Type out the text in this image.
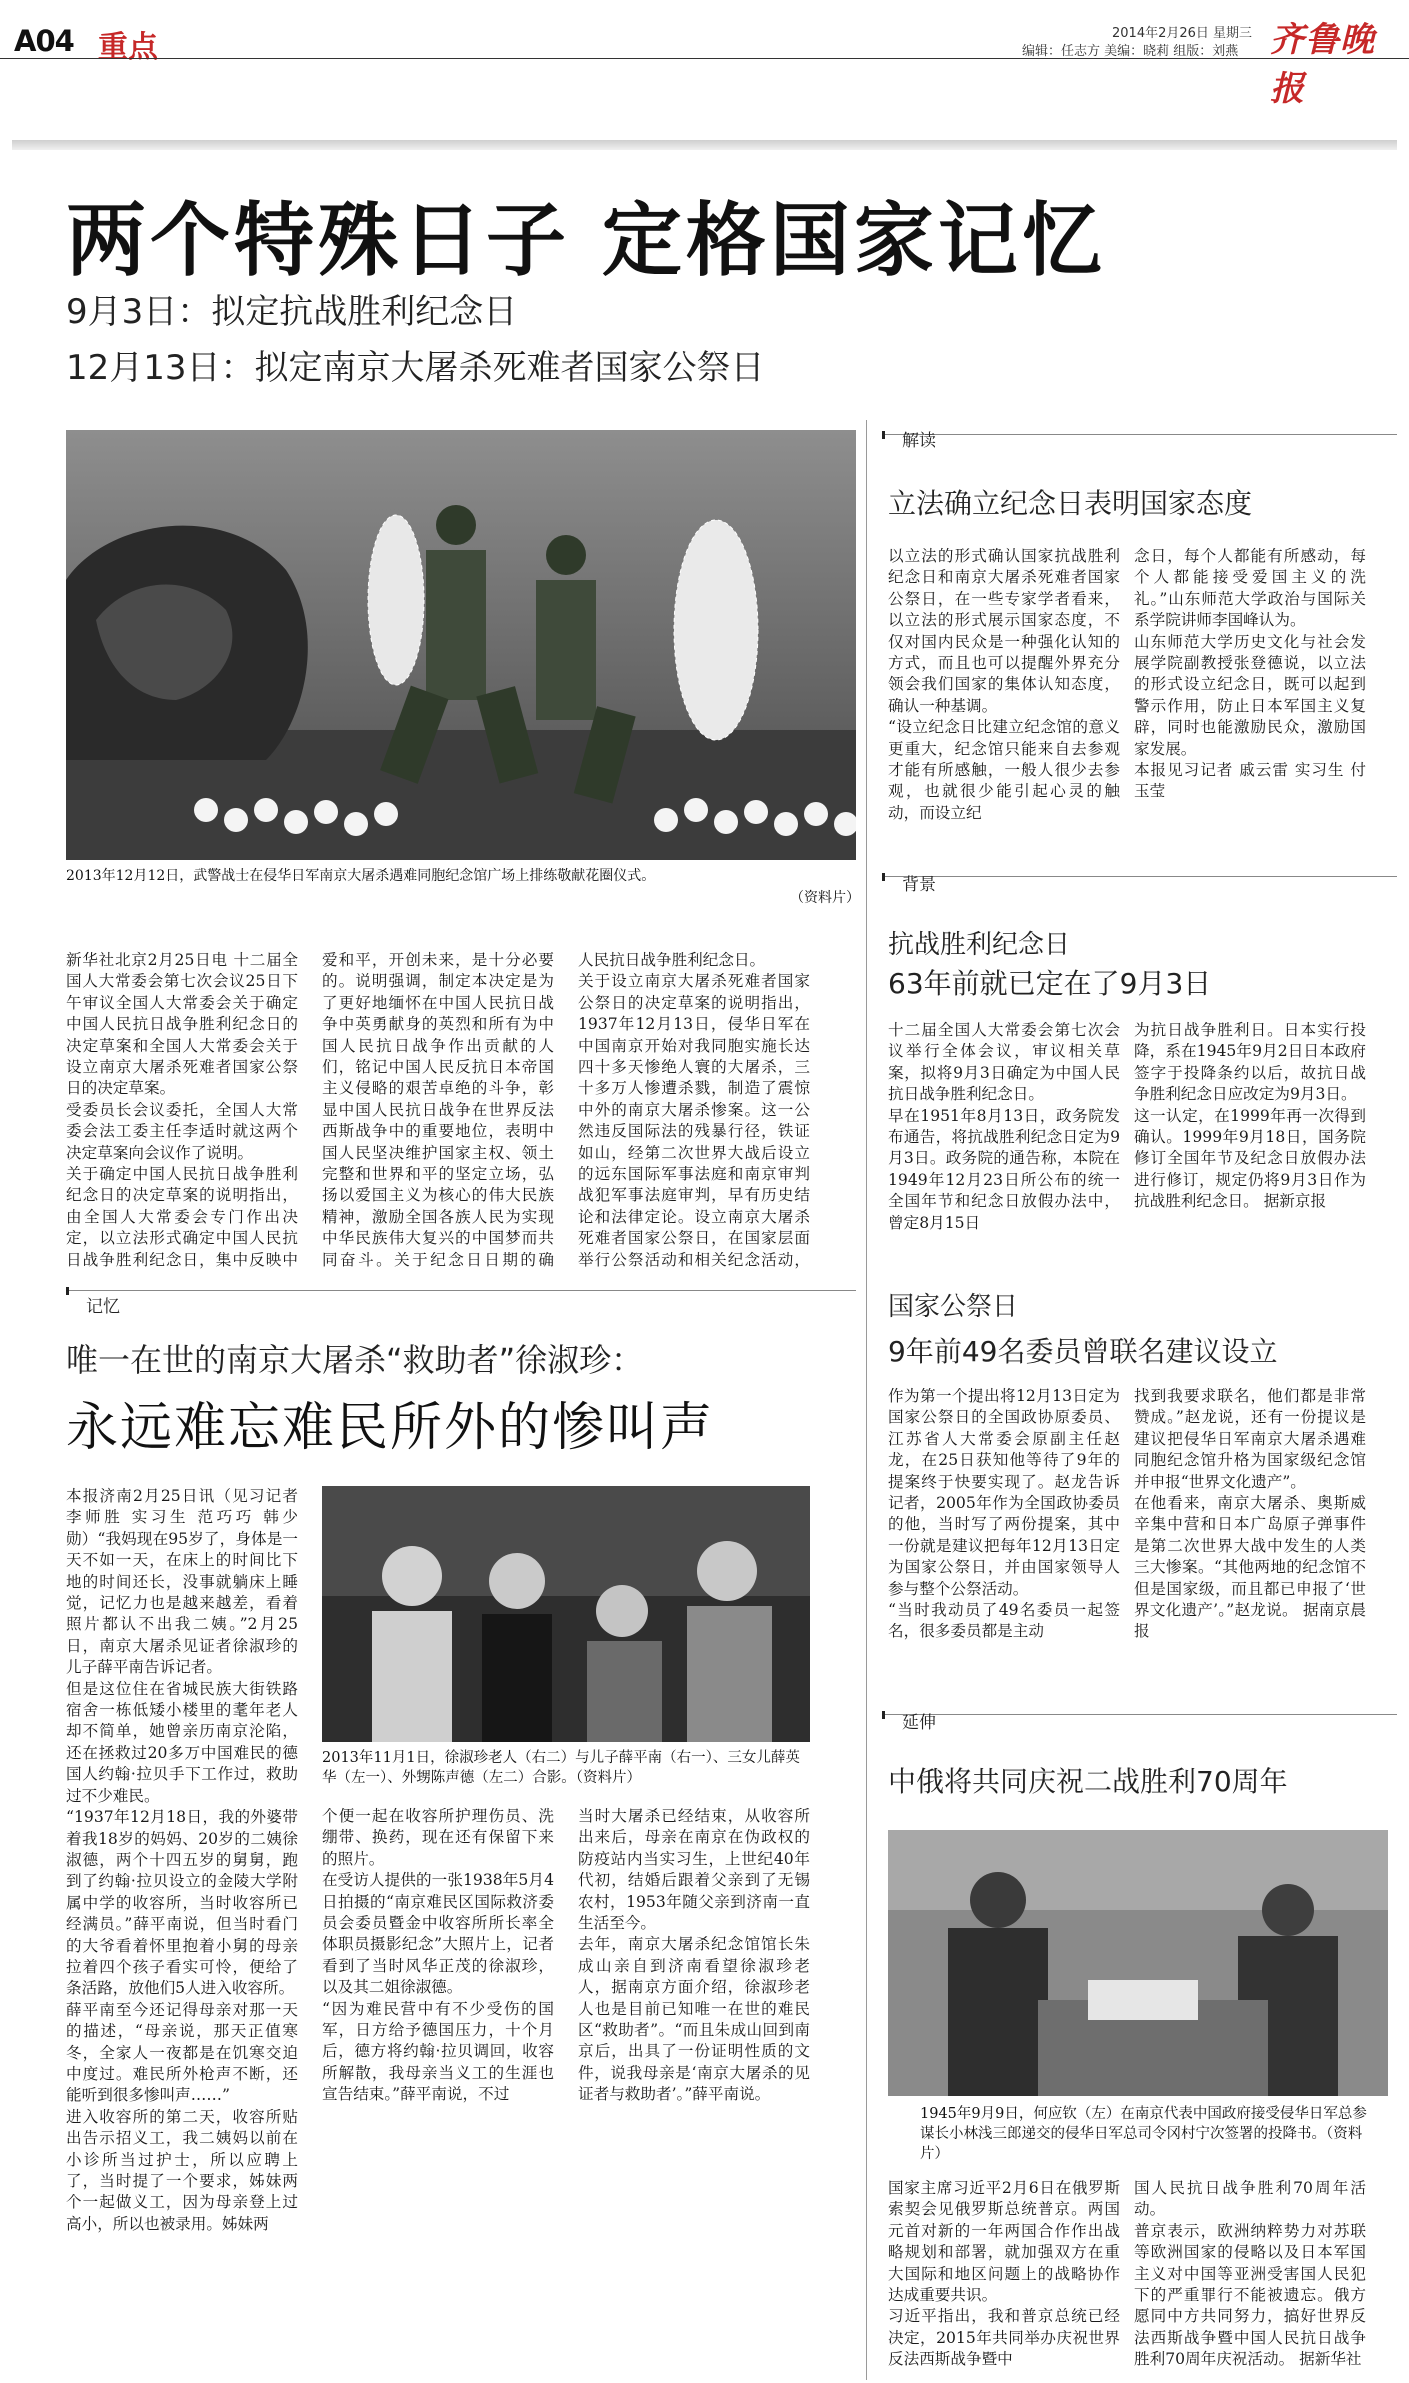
A04 重点	2014年2月26日 星期三 齐鲁晚报
编辑：任志方 美编：晓莉 组版：刘燕
两个特殊日子 定格国家记忆
9月3日：拟定抗战胜利纪念日
12月13日：拟定南京大屠杀死难者国家公祭日
2013年12月12日，武警战士在侵华日军南京大屠杀遇难同胞纪念馆广场上排练敬献花圈仪式。
（资料片）
新华社北京2月25日电 十二届全国人大常委会第七次会议25日下午审议全国人大常委会关于确定中国人民抗日战争胜利纪念日的决定草案和全国人大常委会关于设立南京大屠杀死难者国家公祭日的决定草案。
受委员长会议委托，全国人大常委会法工委主任李适时就这两个决定草案向会议作了说明。
关于确定中国人民抗日战争胜利纪念日的决定草案的说明指出，由全国人大常委会专门作出决定，以立法形式确定中国人民抗日战争胜利纪念日，集中反映中
爱和平，开创未来，是十分必要的。说明强调，制定本决定是为了更好地缅怀在中国人民抗日战争中英勇献身的英烈和所有为中国人民抗日战争作出贡献的人们，铭记中国人民反抗日本帝国主义侵略的艰苦卓绝的斗争，彰显中国人民抗日战争在世界反法西斯战争中的重要地位，表明中国人民坚决维护国家主权、领土完整和世界和平的坚定立场，弘扬以爱国主义为核心的伟大民族精神，激励全国各族人民为实现中华民族伟大复兴的中国梦而共同奋斗。关于纪念日日期的确
人民抗日战争胜利纪念日。
关于设立南京大屠杀死难者国家公祭日的决定草案的说明指出，1937年12月13日，侵华日军在中国南京开始对我同胞实施长达四十多天惨绝人寰的大屠杀，三十多万人惨遭杀戮，制造了震惊中外的南京大屠杀惨案。这一公然违反国际法的残暴行径，铁证如山，经第二次世界大战后设立的远东国际军事法庭和南京审判战犯军事法庭审判，早有历史结论和法律定论。设立南京大屠杀死难者国家公祭日，在国家层面举行公祭活动和相关纪念活动，
记忆
唯一在世的南京大屠杀“救助者”徐淑珍：
永远难忘难民所外的惨叫声
本报济南2月25日讯（见习记者 李师胜 实习生 范巧巧 韩少勋）“我妈现在95岁了，身体是一天不如一天，在床上的时间比下地的时间还长，没事就躺床上睡觉，记忆力也是越来越差，看着照片都认不出我二姨。”2月25日，南京大屠杀见证者徐淑珍的儿子薛平南告诉记者。
但是这位住在省城民族大街铁路宿舍一栋低矮小楼里的耄年老人却不简单，她曾亲历南京沦陷，还在拯救过20多万中国难民的德国人约翰·拉贝手下工作过，救助过不少难民。
“1937年12月18日，我的外婆带着我18岁的妈妈、20岁的二姨徐淑德，两个十四五岁的舅舅，跑到了约翰·拉贝设立的金陵大学附属中学的收容所，当时收容所已经满员。”薛平南说，但当时看门的大爷看着怀里抱着小舅的母亲拉着四个孩子看实可怜，便给了条活路，放他们5人进入收容所。
薛平南至今还记得母亲对那一天的描述，“母亲说，那天正值寒冬，全家人一夜都是在饥寒交迫中度过。难民所外枪声不断，还能听到很多惨叫声……”
进入收容所的第二天，收容所贴出告示招义工，我二姨妈以前在小诊所当过护士，所以应聘上了，当时提了一个要求，姊妹两个一起做义工，因为母亲登上过高小，所以也被录用。姊妹两
2013年11月1日，徐淑珍老人（右二）与儿子薛平南（右一）、三女儿薛英华（左一）、外甥陈声德（左二）合影。（资料片）
个便一起在收容所护理伤员、洗绷带、换药，现在还有保留下来的照片。
在受访人提供的一张1938年5月4日拍摄的“南京难民区国际救济委员会委员暨金中收容所所长率全体职员摄影纪念”大照片上，记者看到了当时风华正茂的徐淑珍，以及其二姐徐淑德。
“因为难民营中有不少受伤的国军，日方给予德国压力，十个月后，德方将约翰·拉贝调回，收容所解散，我母亲当义工的生涯也宣告结束。”薛平南说，不过
当时大屠杀已经结束，从收容所出来后，母亲在南京在伪政权的防疫站内当实习生，上世纪40年代初，结婚后跟着父亲到了无锡农村，1953年随父亲到济南一直生活至今。
去年，南京大屠杀纪念馆馆长朱成山亲自到济南看望徐淑珍老人，据南京方面介绍，徐淑珍老人也是目前已知唯一在世的难民区“救助者”。“而且朱成山回到南京后，出具了一份证明性质的文件，说我母亲是‘南京大屠杀的见证者与救助者’。”薛平南说。
解读
立法确立纪念日表明国家态度
以立法的形式确认国家抗战胜利纪念日和南京大屠杀死难者国家公祭日，在一些专家学者看来，以立法的形式展示国家态度，不仅对国内民众是一种强化认知的方式，而且也可以提醒外界充分领会我们国家的集体认知态度，确认一种基调。
“设立纪念日比建立纪念馆的意义更重大，纪念馆只能来自去参观才能有所感触，一般人很少去参观，也就很少能引起心灵的触动，而设立纪
念日，每个人都能有所感动，每个人都能接受爱国主义的洗礼。”山东师范大学政治与国际关系学院讲师李国峰认为。
山东师范大学历史文化与社会发展学院副教授张登德说，以立法的形式设立纪念日，既可以起到警示作用，防止日本军国主义复辟，同时也能激励民众，激励国家发展。
本报见习记者 戚云雷 实习生 付玉莹
背景
抗战胜利纪念日
63年前就已定在了9月3日
十二届全国人大常委会第七次会议举行全体会议，审议相关草案，拟将9月3日确定为中国人民抗日战争胜利纪念日。
早在1951年8月13日，政务院发布通告，将抗战胜利纪念日定为9月3日。政务院的通告称，本院在1949年12月23日所公布的统一全国年节和纪念日放假办法中，曾定8月15日
为抗日战争胜利日。日本实行投降，系在1945年9月2日日本政府签字于投降条约以后，故抗日战争胜利纪念日应改定为9月3日。
这一认定，在1999年再一次得到确认。1999年9月18日，国务院修订全国年节及纪念日放假办法进行修订，规定仍将9月3日作为抗战胜利纪念日。 据新京报
国家公祭日
9年前49名委员曾联名建议设立
作为第一个提出将12月13日定为国家公祭日的全国政协原委员、江苏省人大常委会原副主任赵龙，在25日获知他等待了9年的提案终于快要实现了。赵龙告诉记者，2005年作为全国政协委员的他，当时写了两份提案，其中一份就是建议把每年12月13日定为国家公祭日，并由国家领导人参与整个公祭活动。
“当时我动员了49名委员一起签名，很多委员都是主动
找到我要求联名，他们都是非常赞成。”赵龙说，还有一份提议是建议把侵华日军南京大屠杀遇难同胞纪念馆升格为国家级纪念馆并申报“世界文化遗产”。
在他看来，南京大屠杀、奥斯威辛集中营和日本广岛原子弹事件是第二次世界大战中发生的人类三大惨案。“其他两地的纪念馆不但是国家级，而且都已申报了‘世界文化遗产’。”赵龙说。 据南京晨报
延伸
中俄将共同庆祝二战胜利70周年
1945年9月9日，何应钦（左）在南京代表中国政府接受侵华日军总参谋长小林浅三郎递交的侵华日军总司令冈村宁次签署的投降书。（资料片）
国家主席习近平2月6日在俄罗斯索契会见俄罗斯总统普京。两国元首对新的一年两国合作作出战略规划和部署，就加强双方在重大国际和地区问题上的战略协作达成重要共识。
习近平指出，我和普京总统已经决定，2015年共同举办庆祝世界反法西斯战争暨中
国人民抗日战争胜利70周年活动。
普京表示，欧洲纳粹势力对苏联等欧洲国家的侵略以及日本军国主义对中国等亚洲受害国人民犯下的严重罪行不能被遗忘。俄方愿同中方共同努力，搞好世界反法西斯战争暨中国人民抗日战争胜利70周年庆祝活动。 据新华社
